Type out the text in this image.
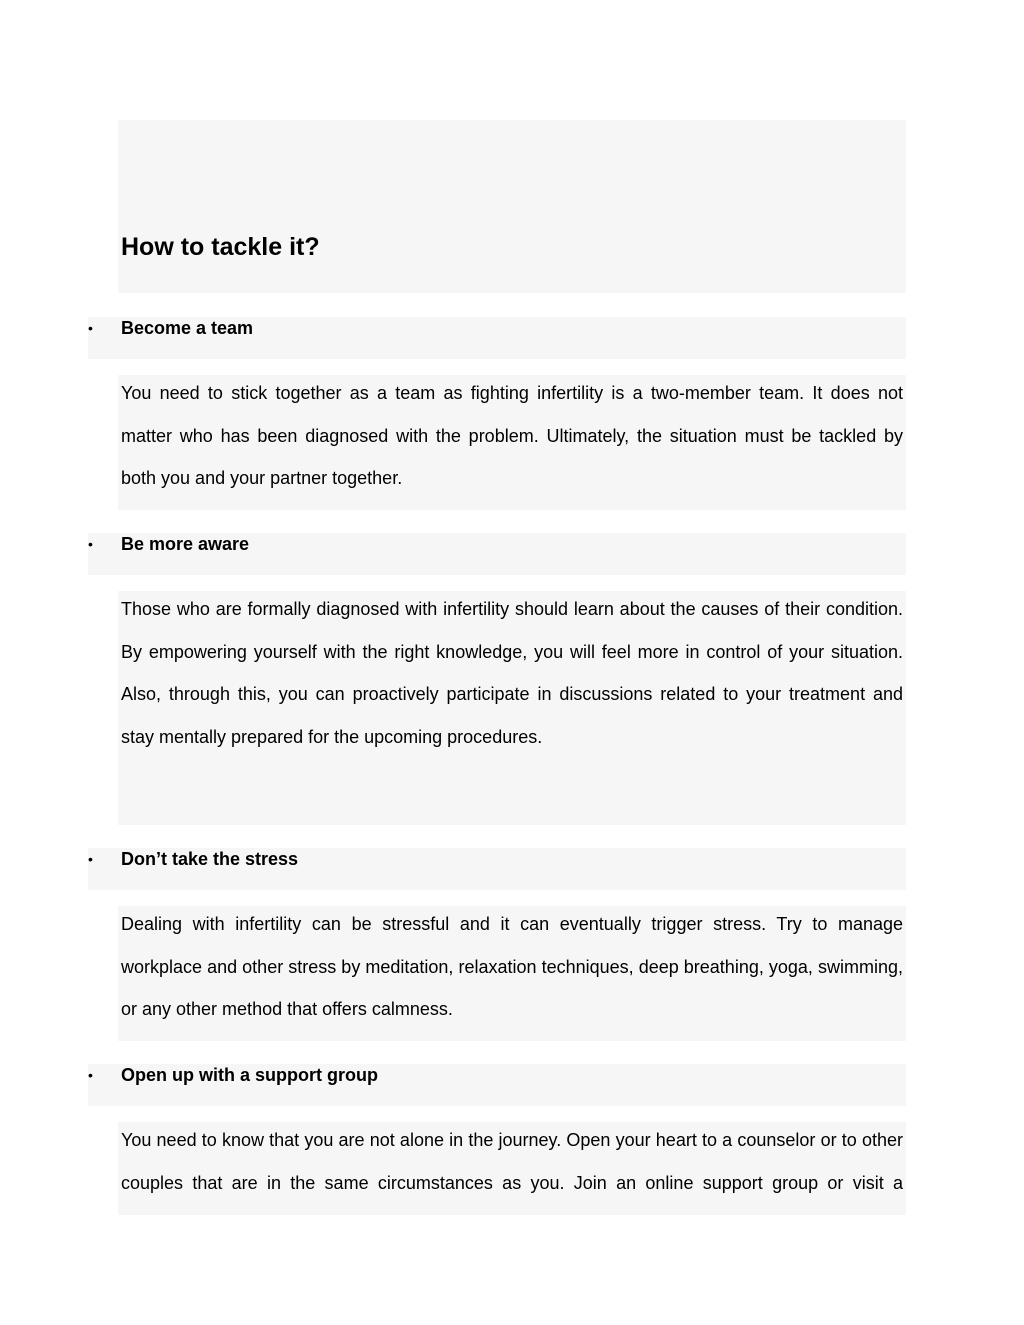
How to tackle it?
• Become a team

You need to stick together as a team as fighting infertility is a two-member team. It does not matter who has been diagnosed with the problem. Ultimately, the situation must be tackled by both you and your partner together.

• Be more aware

Those who are formally diagnosed with infertility should learn about the causes of their condition. By empowering yourself with the right knowledge, you will feel more in control of your situation. Also, through this, you can proactively participate in discussions related to your treatment and stay mentally prepared for the upcoming procedures.

• Don’t take the stress

Dealing with infertility can be stressful and it can eventually trigger stress. Try to manage workplace and other stress by meditation, relaxation techniques, deep breathing, yoga, swimming, or any other method that offers calmness.

• Open up with a support group

You need to know that you are not alone in the journey. Open your heart to a counselor or to other couples that are in the same circumstances as you. Join an online support group or visit a
